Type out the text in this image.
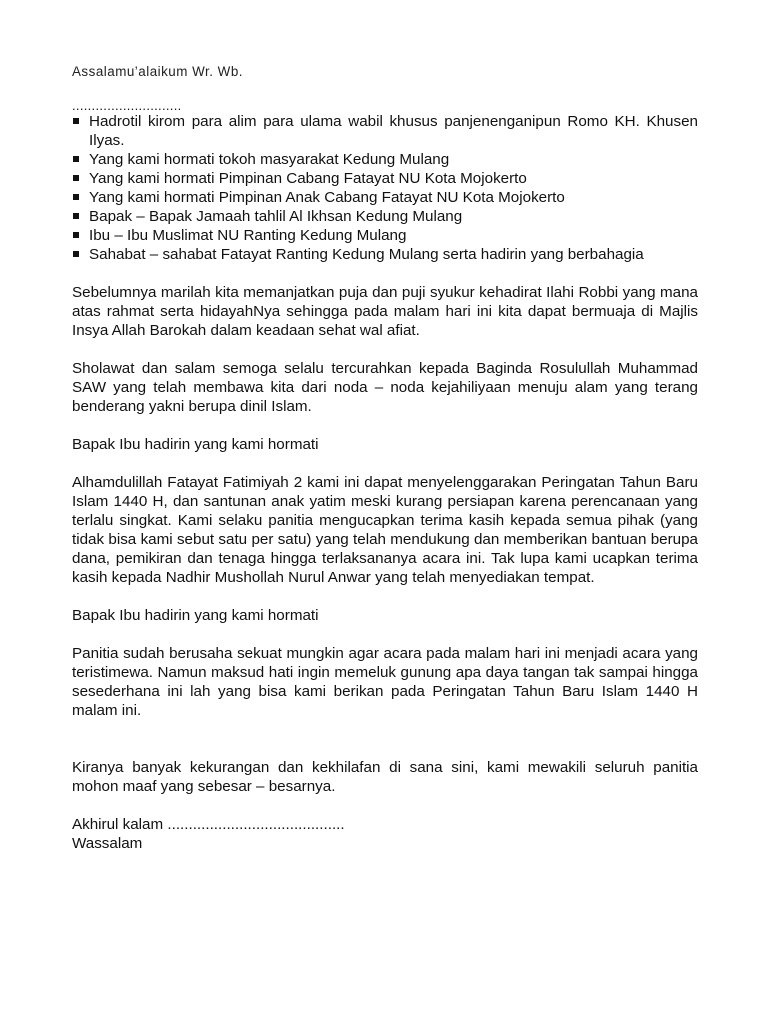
Assalamu’alaikum Wr. Wb.
............................
Hadrotil kirom para alim para ulama wabil khusus panjenenganipun Romo KH. Khusen Ilyas.
Yang kami hormati tokoh masyarakat Kedung Mulang
Yang kami hormati Pimpinan Cabang Fatayat NU Kota Mojokerto
Yang kami hormati Pimpinan Anak Cabang Fatayat NU Kota Mojokerto
Bapak – Bapak Jamaah tahlil Al Ikhsan Kedung Mulang
Ibu – Ibu Muslimat NU Ranting Kedung Mulang
Sahabat – sahabat Fatayat Ranting Kedung Mulang serta hadirin yang berbahagia

Sebelumnya marilah kita memanjatkan puja dan puji syukur kehadirat Ilahi Robbi yang mana atas rahmat serta hidayahNya sehingga pada malam hari ini kita dapat bermuaja di Majlis Insya Allah Barokah dalam keadaan sehat wal afiat.

Sholawat dan salam semoga selalu tercurahkan kepada Baginda Rosulullah Muhammad SAW yang telah membawa kita dari noda – noda kejahiliyaan menuju alam yang terang benderang yakni berupa dinil Islam.

Bapak Ibu hadirin yang kami hormati

Alhamdulillah Fatayat Fatimiyah 2 kami ini dapat menyelenggarakan Peringatan Tahun Baru Islam 1440 H, dan santunan anak yatim meski kurang persiapan karena perencanaan yang terlalu singkat. Kami selaku panitia mengucapkan terima kasih kepada semua pihak (yang tidak bisa kami sebut satu per satu) yang telah mendukung dan memberikan bantuan berupa dana, pemikiran dan tenaga hingga terlaksananya acara ini. Tak lupa kami ucapkan terima kasih kepada Nadhir Mushollah Nurul Anwar yang telah menyediakan tempat.

Bapak Ibu hadirin yang kami hormati

Panitia sudah berusaha sekuat mungkin agar acara pada malam hari ini menjadi acara yang teristimewa. Namun maksud hati ingin memeluk gunung apa daya tangan tak sampai hingga sesederhana ini lah yang bisa kami berikan pada Peringatan Tahun Baru Islam 1440 H malam ini.

Kiranya banyak kekurangan dan kekhilafan di sana sini, kami mewakili seluruh panitia mohon maaf yang sebesar – besarnya.

Akhirul kalam ..........................................
Wassalam
